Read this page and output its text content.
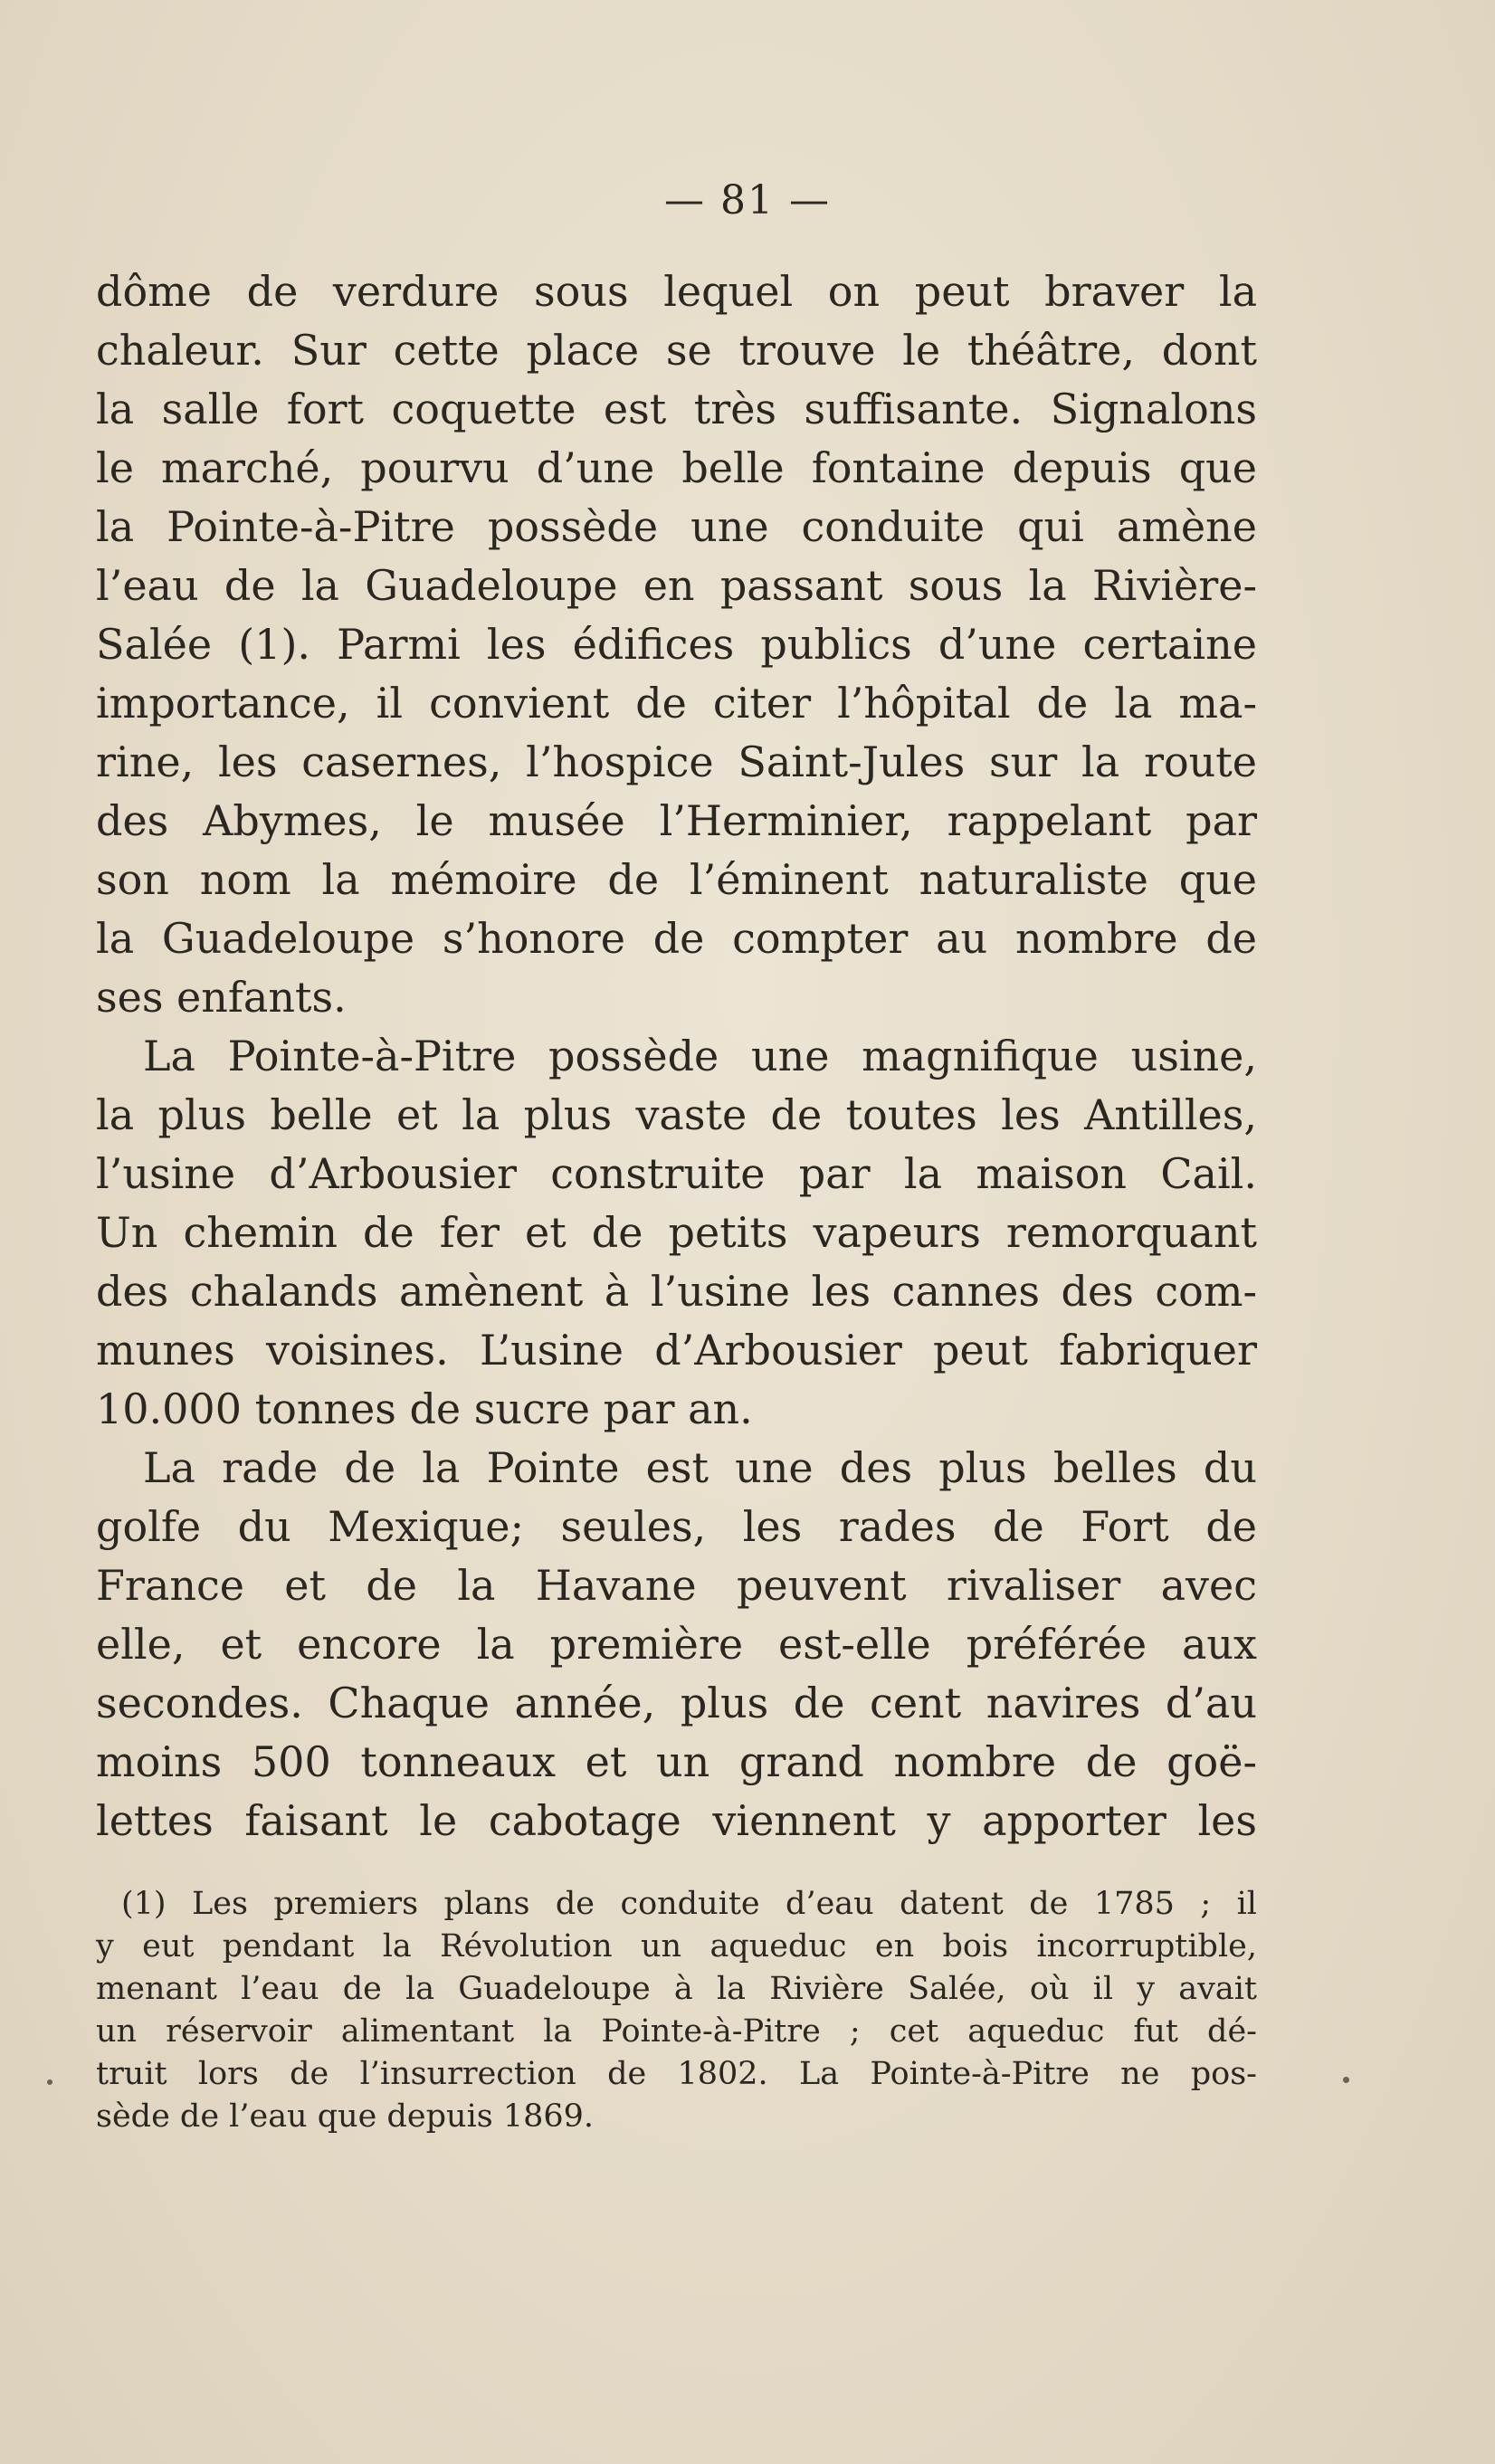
— 81 —
dôme de verdure sous lequel on peut braver la
chaleur. Sur cette place se trouve le théâtre, dont
la salle fort coquette est très suffisante. Signalons
le marché, pourvu d’une belle fontaine depuis que
la Pointe-à-Pitre possède une conduite qui amène
l’eau de la Guadeloupe en passant sous la Rivière-
Salée (1). Parmi les édifices publics d’une certaine
importance, il convient de citer l’hôpital de la ma-
rine, les casernes, l’hospice Saint-Jules sur la route
des Abymes, le musée l’Herminier, rappelant par
son nom la mémoire de l’éminent naturaliste que
la Guadeloupe s’honore de compter au nombre de
ses enfants.
La Pointe-à-Pitre possède une magnifique usine,
la plus belle et la plus vaste de toutes les Antilles,
l’usine d’Arbousier construite par la maison Cail.
Un chemin de fer et de petits vapeurs remorquant
des chalands amènent à l’usine les cannes des com-
munes voisines. L’usine d’Arbousier peut fabriquer
10.000 tonnes de sucre par an.
La rade de la Pointe est une des plus belles du
golfe du Mexique; seules, les rades de Fort de
France et de la Havane peuvent rivaliser avec
elle, et encore la première est-elle préférée aux
secondes. Chaque année, plus de cent navires d’au
moins 500 tonneaux et un grand nombre de goë-
lettes faisant le cabotage viennent y apporter les
(1) Les premiers plans de conduite d’eau datent de 1785 ; il
y eut pendant la Révolution un aqueduc en bois incorruptible,
menant l’eau de la Guadeloupe à la Rivière Salée, où il y avait
un réservoir alimentant la Pointe-à-Pitre ; cet aqueduc fut dé-
truit lors de l’insurrection de 1802. La Pointe-à-Pitre ne pos-
sède de l’eau que depuis 1869.
